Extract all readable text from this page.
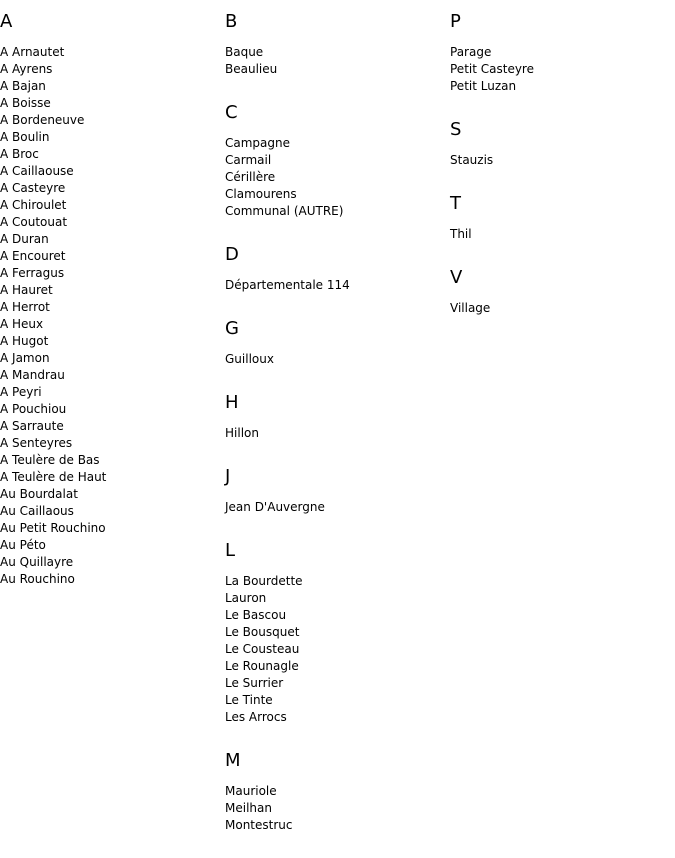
A
A Arnautet
A Ayrens
A Bajan
A Boisse
A Bordeneuve
A Boulin
A Broc
A Caillaouse
A Casteyre
A Chiroulet
A Coutouat
A Duran
A Encouret
A Ferragus
A Hauret
A Herrot
A Heux
A Hugot
A Jamon
A Mandrau
A Peyri
A Pouchiou
A Sarraute
A Senteyres
A Teulère de Bas
A Teulère de Haut
Au Bourdalat
Au Caillaous
Au Petit Rouchino
Au Péto
Au Quillayre
Au Rouchino
B
Baque
Beaulieu
C
Campagne
Carmail
Cérillère
Clamourens
Communal (AUTRE)
D
Départementale 114
G
Guilloux
H
Hillon
J
Jean D'Auvergne
L
La Bourdette
Lauron
Le Bascou
Le Bousquet
Le Cousteau
Le Rounagle
Le Surrier
Le Tinte
Les Arrocs
M
Mauriole
Meilhan
Montestruc
P
Parage
Petit Casteyre
Petit Luzan
S
Stauzis
T
Thil
V
Village
